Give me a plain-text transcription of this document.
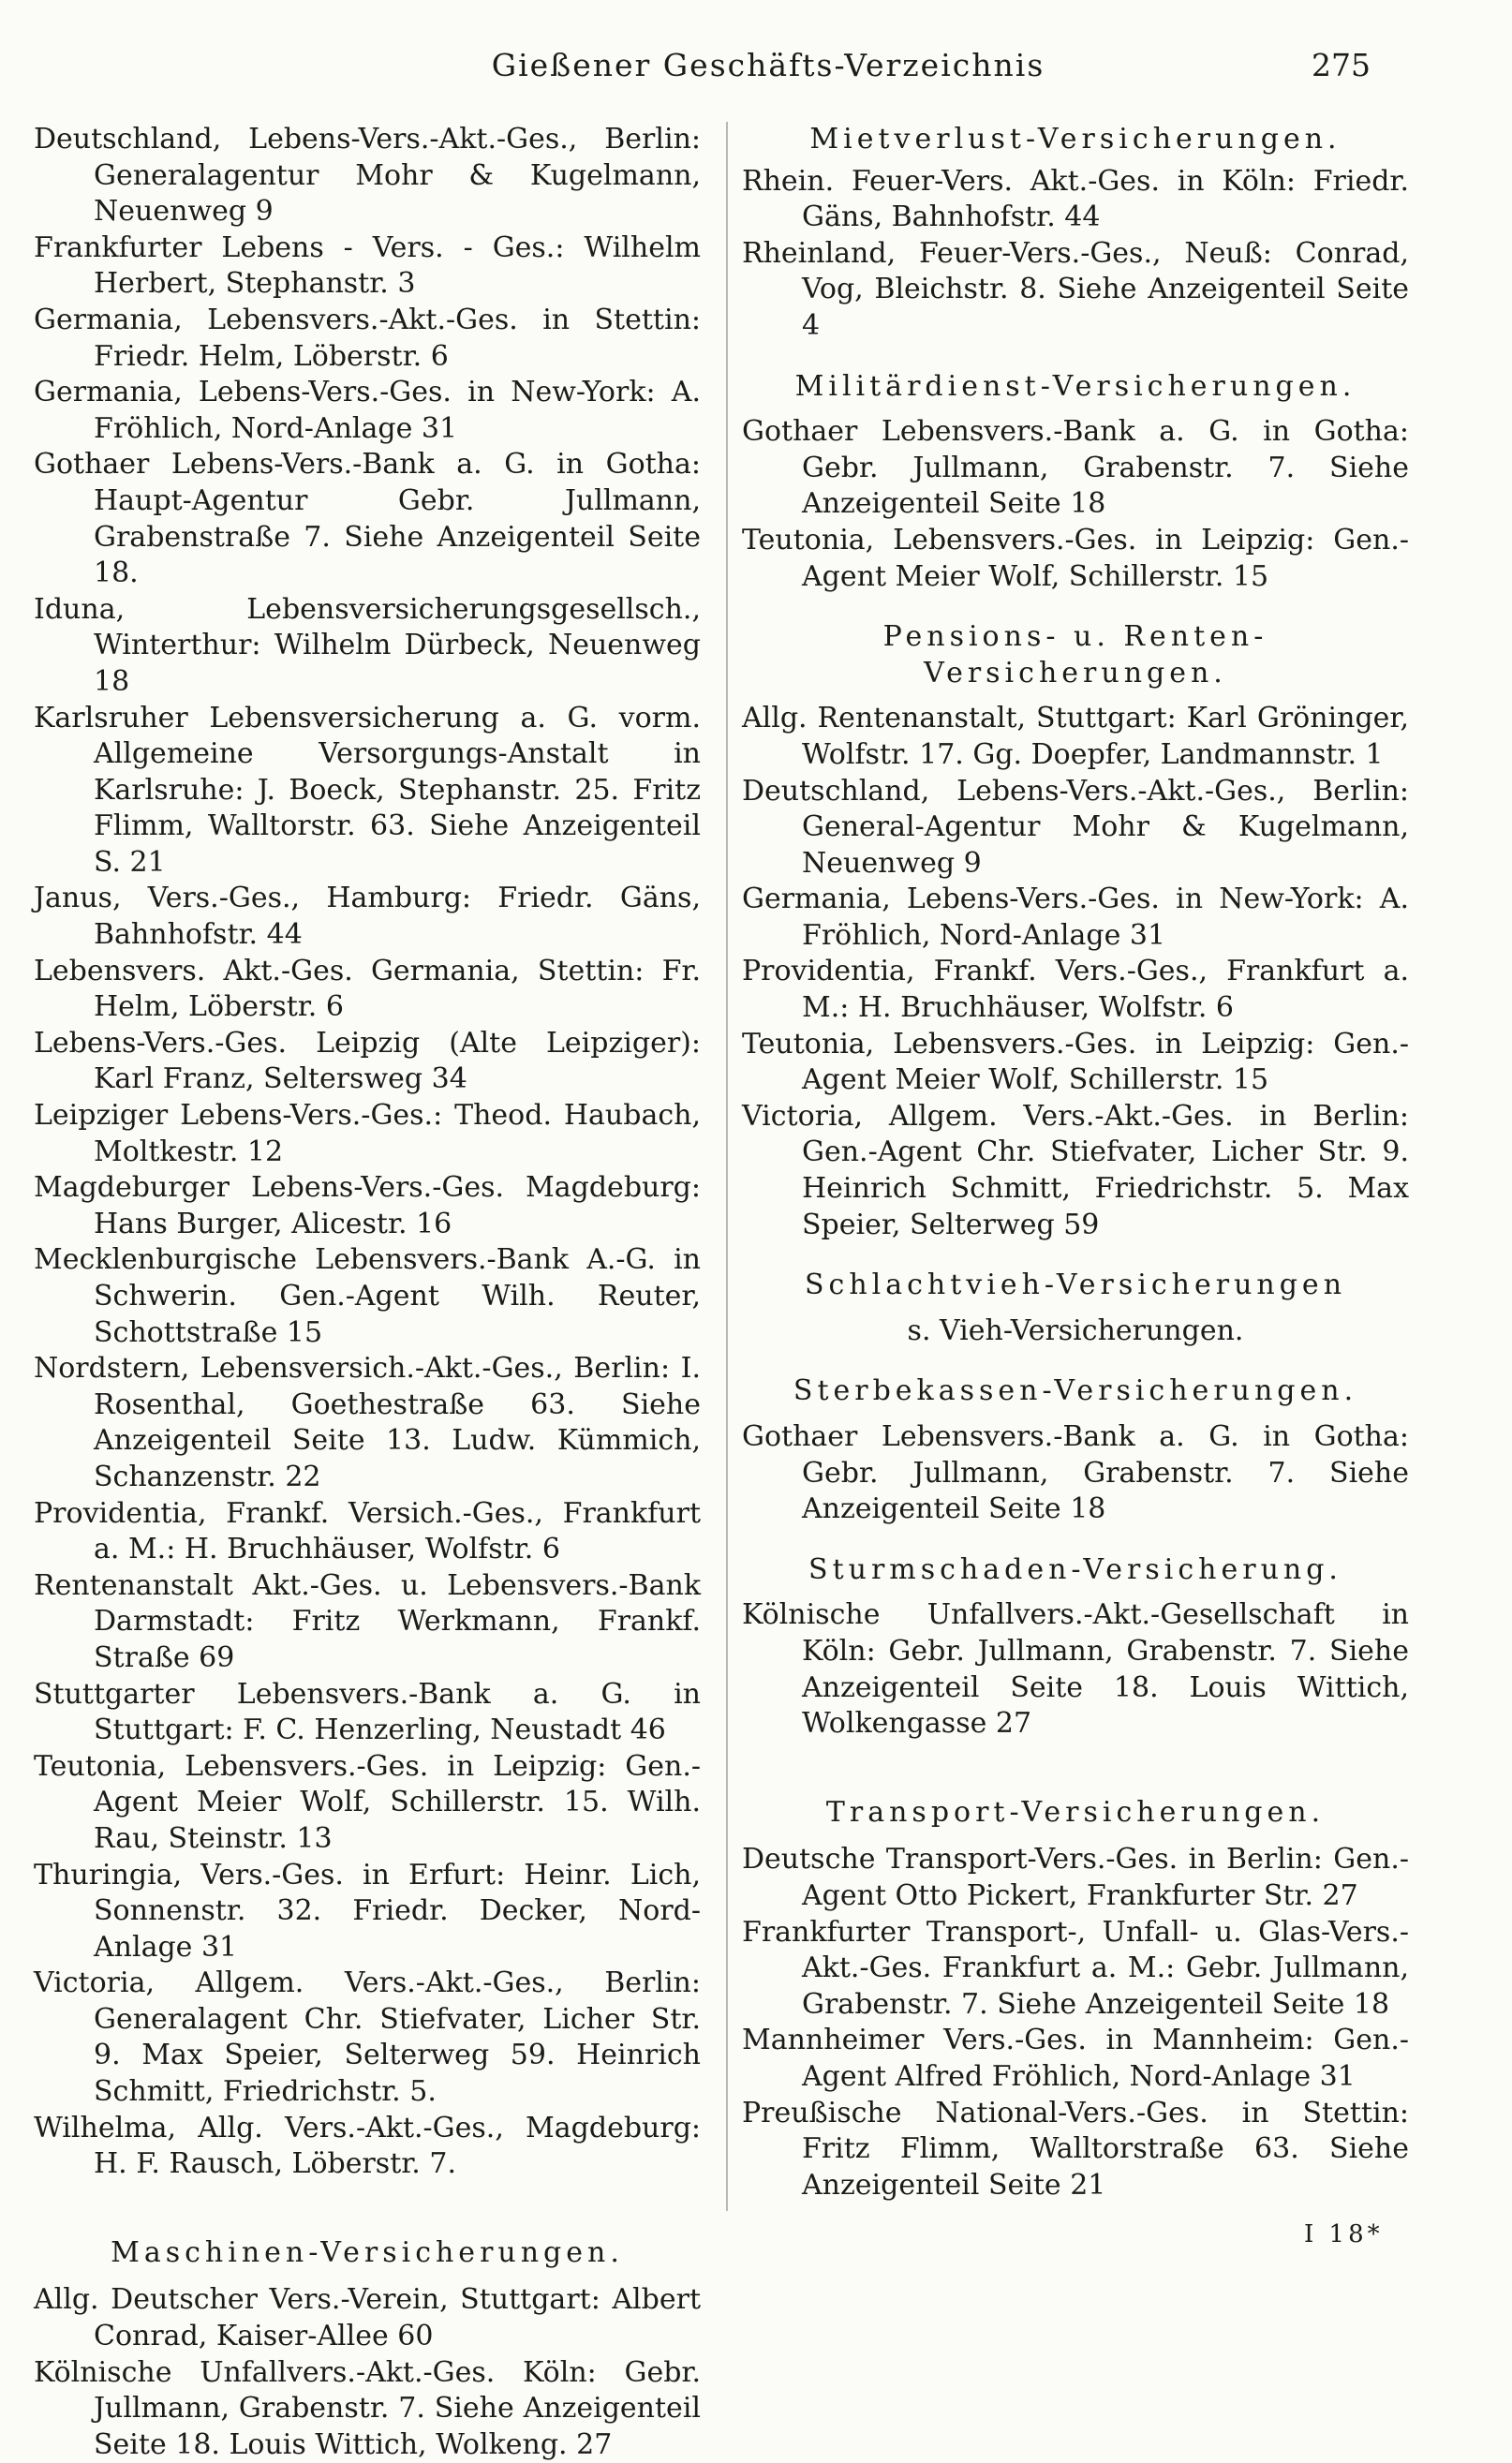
Gießener Geschäfts-Verzeichnis	275

Deutschland, Lebens-Vers.-Akt.-Ges., Berlin: Generalagentur Mohr & Kugelmann, Neuenweg 9

Frankfurter Lebens - Vers. - Ges.: Wilhelm Herbert, Stephanstr. 3

Germania, Lebensvers.-Akt.-Ges. in Stettin: Friedr. Helm, Löberstr. 6

Germania, Lebens-Vers.-Ges. in New-York: A. Fröhlich, Nord-Anlage 31

Gothaer Lebens-Vers.-Bank a. G. in Gotha: Haupt-Agentur Gebr. Jullmann, Grabenstraße 7. Siehe Anzeigenteil Seite 18.

Iduna, Lebensversicherungsgesellsch., Winterthur: Wilhelm Dürbeck, Neuenweg 18

Karlsruher Lebensversicherung a. G. vorm. Allgemeine Versorgungs-Anstalt in Karlsruhe: J. Boeck, Stephanstr. 25. Fritz Flimm, Walltorstr. 63. Siehe Anzeigenteil S. 21

Janus, Vers.-Ges., Hamburg: Friedr. Gäns, Bahnhofstr. 44

Lebensvers. Akt.-Ges. Germania, Stettin: Fr. Helm, Löberstr. 6

Lebens-Vers.-Ges. Leipzig (Alte Leipziger): Karl Franz, Seltersweg 34

Leipziger Lebens-Vers.-Ges.: Theod. Haubach, Moltkestr. 12

Magdeburger Lebens-Vers.-Ges. Magdeburg: Hans Burger, Alicestr. 16

Mecklenburgische Lebensvers.-Bank A.-G. in Schwerin. Gen.-Agent Wilh. Reuter, Schottstraße 15

Nordstern, Lebensversich.-Akt.-Ges., Berlin: I. Rosenthal, Goethestraße 63. Siehe Anzeigenteil Seite 13. Ludw. Kümmich, Schanzenstr. 22

Providentia, Frankf. Versich.-Ges., Frankfurt a. M.: H. Bruchhäuser, Wolfstr. 6

Rentenanstalt Akt.-Ges. u. Lebensvers.-Bank Darmstadt: Fritz Werkmann, Frankf. Straße 69

Stuttgarter Lebensvers.-Bank a. G. in Stuttgart: F. C. Henzerling, Neustadt 46

Teutonia, Lebensvers.-Ges. in Leipzig: Gen.-Agent Meier Wolf, Schillerstr. 15. Wilh. Rau, Steinstr. 13

Thuringia, Vers.-Ges. in Erfurt: Heinr. Lich, Sonnenstr. 32. Friedr. Decker, Nord-Anlage 31

Victoria, Allgem. Vers.-Akt.-Ges., Berlin: Generalagent Chr. Stiefvater, Licher Str. 9. Max Speier, Selterweg 59. Heinrich Schmitt, Friedrichstr. 5.

Wilhelma, Allg. Vers.-Akt.-Ges., Magdeburg: H. F. Rausch, Löberstr. 7.

Maschinen-Versicherungen.

Allg. Deutscher Vers.-Verein, Stuttgart: Albert Conrad, Kaiser-Allee 60

Kölnische Unfallvers.-Akt.-Ges. Köln: Gebr. Jullmann, Grabenstr. 7. Siehe Anzeigenteil Seite 18. Louis Wittich, Wolkeng. 27

Mietverlust-Versicherungen.

Rhein. Feuer-Vers. Akt.-Ges. in Köln: Friedr. Gäns, Bahnhofstr. 44

Rheinland, Feuer-Vers.-Ges., Neuß: Conrad, Vog, Bleichstr. 8. Siehe Anzeigenteil Seite 4

Militärdienst-Versicherungen.

Gothaer Lebensvers.-Bank a. G. in Gotha: Gebr. Jullmann, Grabenstr. 7. Siehe Anzeigenteil Seite 18

Teutonia, Lebensvers.-Ges. in Leipzig: Gen.-Agent Meier Wolf, Schillerstr. 15

Pensions- u. Renten-Versicherungen.

Allg. Rentenanstalt, Stuttgart: Karl Gröninger, Wolfstr. 17. Gg. Doepfer, Landmannstr. 1

Deutschland, Lebens-Vers.-Akt.-Ges., Berlin: General-Agentur Mohr & Kugelmann, Neuenweg 9

Germania, Lebens-Vers.-Ges. in New-York: A. Fröhlich, Nord-Anlage 31

Providentia, Frankf. Vers.-Ges., Frankfurt a. M.: H. Bruchhäuser, Wolfstr. 6

Teutonia, Lebensvers.-Ges. in Leipzig: Gen.-Agent Meier Wolf, Schillerstr. 15

Victoria, Allgem. Vers.-Akt.-Ges. in Berlin: Gen.-Agent Chr. Stiefvater, Licher Str. 9. Heinrich Schmitt, Friedrichstr. 5. Max Speier, Selterweg 59

Schlachtvieh-Versicherungen

s. Vieh-Versicherungen.

Sterbekassen-Versicherungen.

Gothaer Lebensvers.-Bank a. G. in Gotha: Gebr. Jullmann, Grabenstr. 7. Siehe Anzeigenteil Seite 18

Sturmschaden-Versicherung.

Kölnische Unfallvers.-Akt.-Gesellschaft in Köln: Gebr. Jullmann, Grabenstr. 7. Siehe Anzeigenteil Seite 18. Louis Wittich, Wolkengasse 27

Transport-Versicherungen.

Deutsche Transport-Vers.-Ges. in Berlin: Gen.-Agent Otto Pickert, Frankfurter Str. 27

Frankfurter Transport-, Unfall- u. Glas-Vers.-Akt.-Ges. Frankfurt a. M.: Gebr. Jullmann, Grabenstr. 7. Siehe Anzeigenteil Seite 18

Mannheimer Vers.-Ges. in Mannheim: Gen.-Agent Alfred Fröhlich, Nord-Anlage 31

Preußische National-Vers.-Ges. in Stettin: Fritz Flimm, Walltorstraße 63. Siehe Anzeigenteil Seite 21

I 18*
